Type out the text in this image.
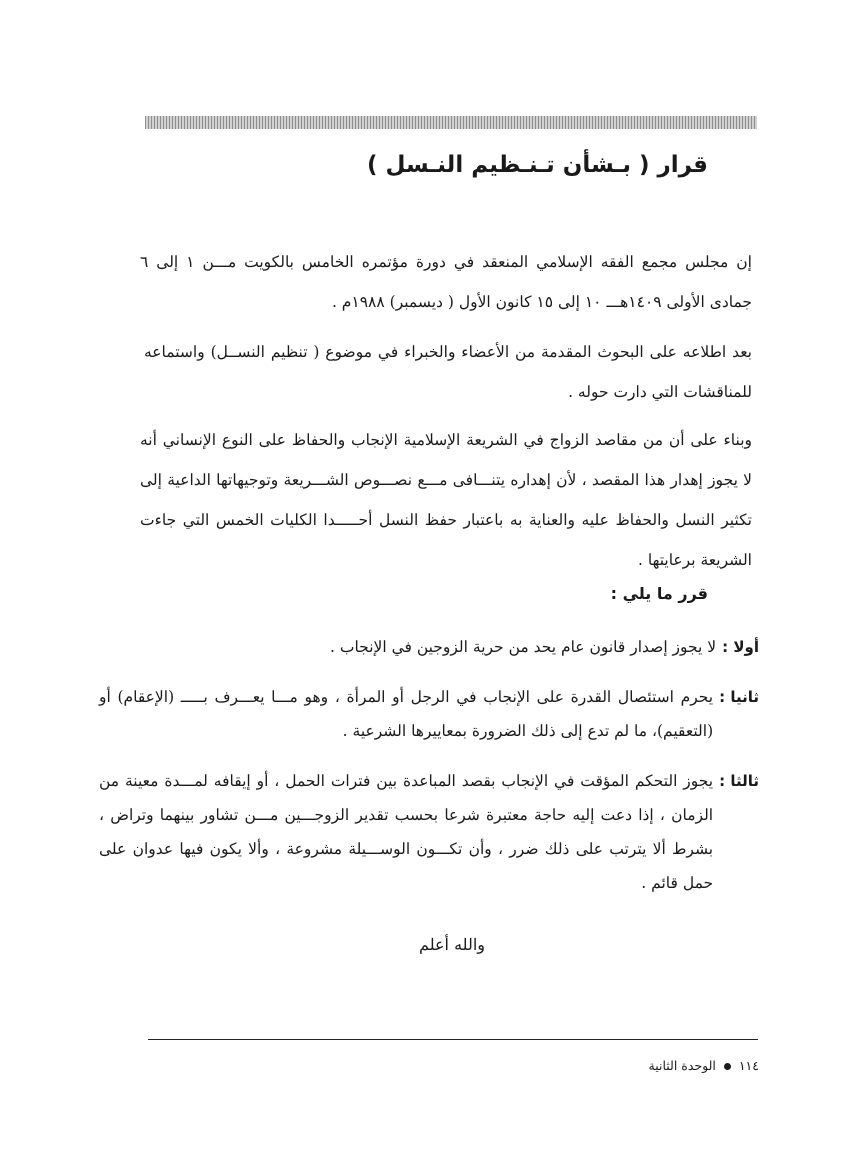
قرار ( بـشأن تـنـظيم النـسل )
إن مجلس مجمع الفقه الإسلامي المنعقد في دورة مؤتمره الخامس بالكويت مـــن ١ إلى ٦ جمادى الأولى ١٤٠٩هـــ ١٠ إلى ١٥ كانون الأول ( ديسمبر) ١٩٨٨م .
بعد اطلاعه على البحوث المقدمة من الأعضاء والخبراء في موضوع ( تنظيم النســل) واستماعه للمناقشات التي دارت حوله .
وبناء على أن من مقاصد الزواج في الشريعة الإسلامية الإنجاب والحفاظ على النوع الإنساني أنه لا يجوز إهدار هذا المقصد ، لأن إهداره يتنـــافى مـــع نصـــوص الشـــريعة وتوجيهاتها الداعية إلى تكثير النسل والحفاظ عليه والعناية به باعتبار حفظ النسل أحـــــدا الكليات الخمس التي جاءت الشريعة برعايتها .
قرر ما يلي :
أولا :
لا يجوز إصدار قانون عام يحد من حرية الزوجين في الإنجاب .
ثانيا :
يحرم استئصال القدرة على الإنجاب في الرجل أو المرأة ، وهو مـــا يعـــرف بـــــ (الإعقام) أو (التعقيم)، ما لم تدع إلى ذلك الضرورة بمعاييرها الشرعية .
ثالثا :
يجوز التحكم المؤقت في الإنجاب بقصد المباعدة بين فترات الحمل ، أو إيقافه لمـــدة معينة من الزمان ، إذا دعت إليه حاجة معتبرة شرعا بحسب تقدير الزوجـــين مـــن تشاور بينهما وتراض ، بشرط ألا يترتب على ذلك ضرر ، وأن تكـــون الوســـيلة مشروعة ، وألا يكون فيها عدوان على حمل قائم .
والله أعلم
١١٤  الوحدة الثانية
